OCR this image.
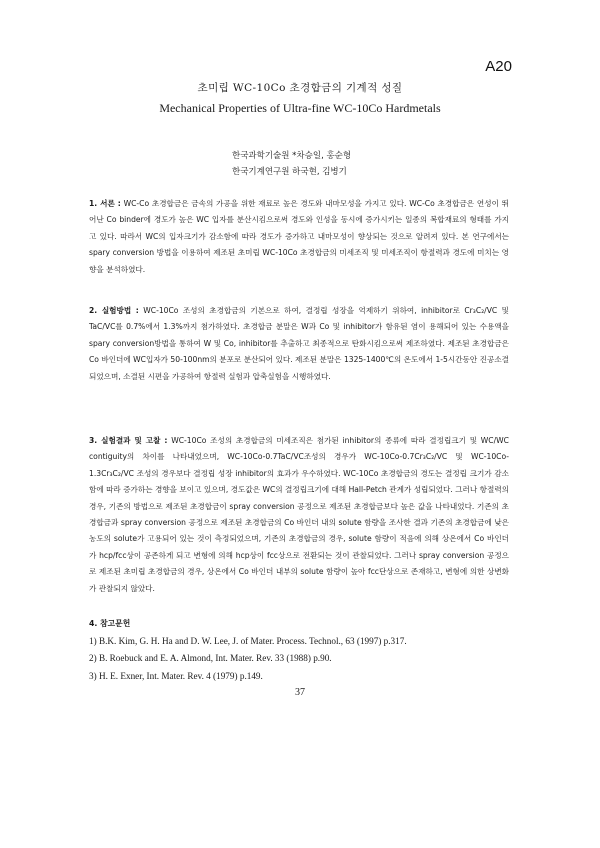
A20
초미립 WC-10Co 초경합금의 기계적 성질
Mechanical Properties of Ultra-fine WC-10Co Hardmetals
한국과학기술원 *차승일, 홍순형
한국기계연구원 하국현, 김병기
1. 서론 : WC-Co 초경합금은 금속의 가공을 위한 재료로 높은 경도와 내마모성을 가지고 있다. WC-Co 초경합금은 연성이 뛰어난 Co binder에 경도가 높은 WC 입자를 분산시킴으로써 경도와 인성을 동시에 증가시키는 일종의 복합재료의 형태를 가지고 있다. 따라서 WC의 입자크기가 감소함에 따라 경도가 증가하고 내마모성이 향상되는 것으로 알려져 있다. 본 연구에서는 spary conversion 방법을 이용하여 제조된 초미립 WC-10Co 초경합금의 미세조직 및 미세조직이 항절력과 경도에 미치는 영향을 분석하였다.
2. 실험방법 : WC-10Co 조성의 초경합금의 기본으로 하여, 결정립 성장을 억제하기 위하여, inhibitor로 Cr₃C₂/VC 및 TaC/VC를 0.7%에서 1.3%까지 첨가하였다. 초경합금 분말은 W과 Co 및 inhibitor가 함유된 염이 용해되어 있는 수용액을 spary conversion방법을 통하여 W 및 Co, inhibitor를 추출하고 최종적으로 탄화시킴으로써 제조하였다. 제조된 초경합금은 Co 바인더에 WC입자가 50-100nm의 분포로 분산되어 있다. 제조된 분말은 1325-1400℃의 온도에서 1-5시간동안 진공소결되었으며, 소결된 시편을 가공하여 항절력 실험과 압축실험을 시행하였다.
3. 실험결과 및 고찰 : WC-10Co 조성의 초경합금의 미세조직은 첨가된 inhibitor의 종류에 따라 결정립크기 및 WC/WC contiguity의 차이를 나타내었으며, WC-10Co-0.7TaC/VC조성의 경우가 WC-10Co-0.7Cr₃C₂/VC 및 WC-10Co-1.3Cr₃C₂/VC 조성의 경우보다 결정립 성장 inhibitor의 효과가 우수하였다. WC-10Co 초경합금의 경도는 결정립 크기가 감소함에 따라 증가하는 경향을 보이고 있으며, 경도값은 WC의 결정립크기에 대해 Hall-Petch 관계가 성립되었다. 그러나 항절력의 경우, 기존의 방법으로 제조된 초경합금이 spray conversion 공정으로 제조된 초경합금보다 높은 값을 나타내었다. 기존의 초경합금과 spray conversion 공정으로 제조된 초경합금의 Co 바인더 내의 solute 함량을 조사한 결과 기존의 초경합금에 낮은 농도의 solute가 고용되어 있는 것이 측정되었으며, 기존의 초경합금의 경우, solute 함량이 적음에 의해 상온에서 Co 바인더가 hcp/fcc상이 공존하게 되고 변형에 의해 hcp상이 fcc상으로 전환되는 것이 관찰되었다. 그러나 spray conversion 공정으로 제조된 초미립 초경합금의 경우, 상온에서 Co 바인더 내부의 solute 함량이 높아 fcc단상으로 존재하고, 변형에 의한 상변화가 관찰되지 않았다.
4. 참고문헌
1) B.K. Kim, G. H. Ha and D. W. Lee, J. of Mater. Process. Technol., 63 (1997) p.317.
2) B. Roebuck and E. A. Almond, Int. Mater. Rev. 33 (1988) p.90.
3) H. E. Exner, Int. Mater. Rev. 4 (1979) p.149.
37
